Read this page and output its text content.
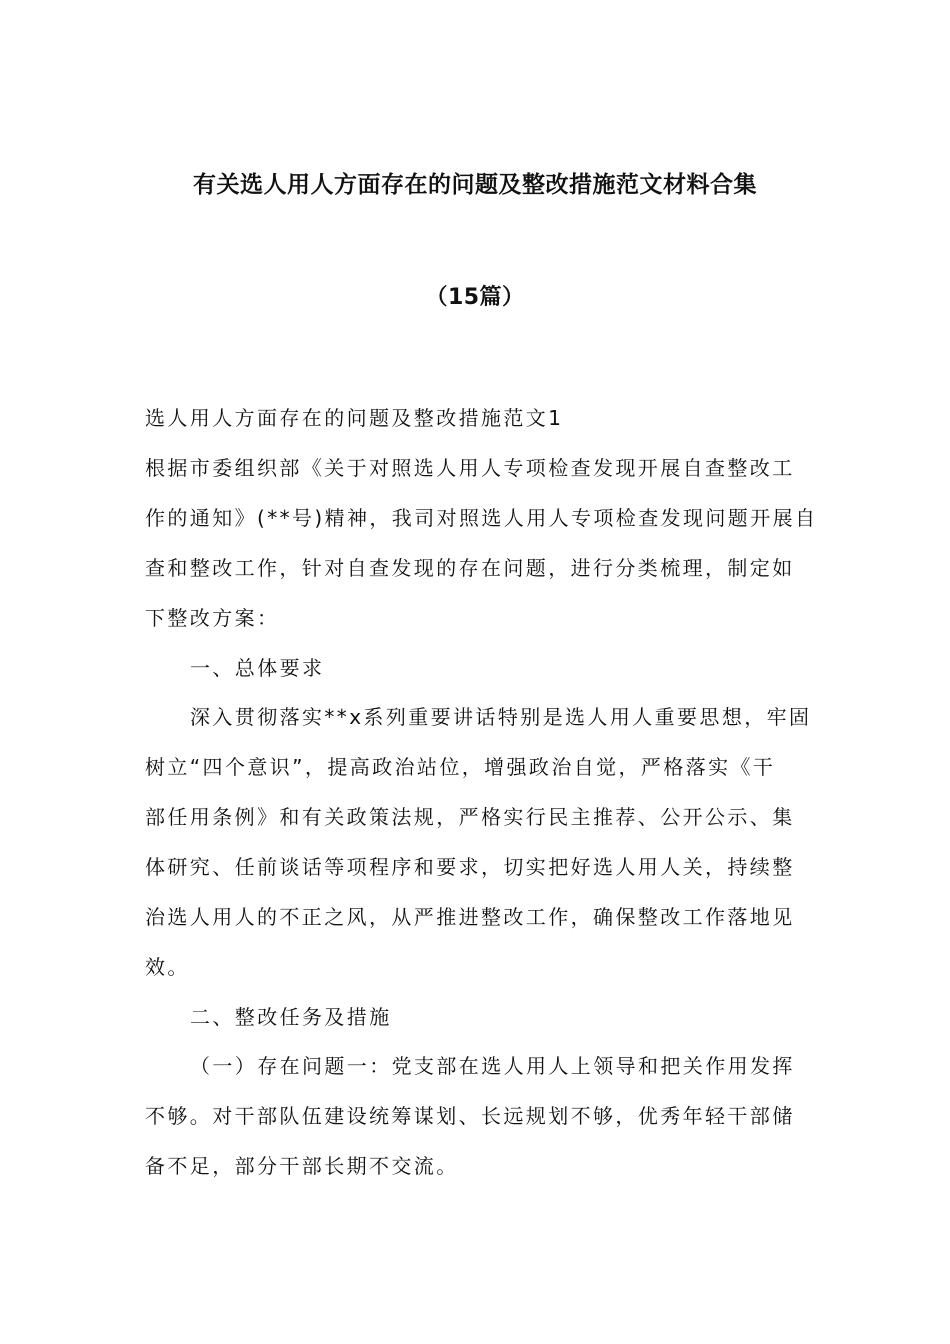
有关选人用人方面存在的问题及整改措施范文材料合集
（15篇）
选人用人方面存在的问题及整改措施范文1
根据市委组织部《关于对照选人用人专项检查发现开展自查整改工
作的通知》(**号)精神，我司对照选人用人专项检查发现问题开展自
查和整改工作，针对自查发现的存在问题，进行分类梳理，制定如
下整改方案：
一、总体要求
深入贯彻落实**x系列重要讲话特别是选人用人重要思想，牢固
树立“四个意识”，提高政治站位，增强政治自觉，严格落实《干
部任用条例》和有关政策法规，严格实行民主推荐、公开公示、集
体研究、任前谈话等项程序和要求，切实把好选人用人关，持续整
治选人用人的不正之风，从严推进整改工作，确保整改工作落地见
效。
二、整改任务及措施
（一）存在问题一：党支部在选人用人上领导和把关作用发挥
不够。对干部队伍建设统筹谋划、长远规划不够，优秀年轻干部储
备不足，部分干部长期不交流。
